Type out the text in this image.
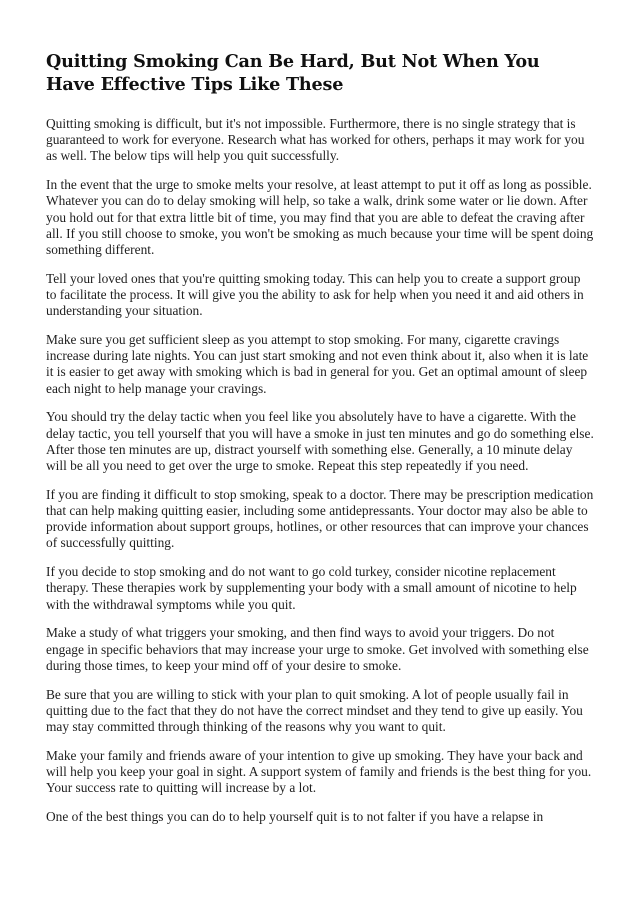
Quitting Smoking Can Be Hard, But Not When You Have Effective Tips Like These

Quitting smoking is difficult, but it's not impossible. Furthermore, there is no single strategy that is guaranteed to work for everyone. Research what has worked for others, perhaps it may work for you as well. The below tips will help you quit successfully.

In the event that the urge to smoke melts your resolve, at least attempt to put it off as long as possible. Whatever you can do to delay smoking will help, so take a walk, drink some water or lie down. After you hold out for that extra little bit of time, you may find that you are able to defeat the craving after all. If you still choose to smoke, you won't be smoking as much because your time will be spent doing something different.

Tell your loved ones that you're quitting smoking today. This can help you to create a support group to facilitate the process. It will give you the ability to ask for help when you need it and aid others in understanding your situation.

Make sure you get sufficient sleep as you attempt to stop smoking. For many, cigarette cravings increase during late nights. You can just start smoking and not even think about it, also when it is late it is easier to get away with smoking which is bad in general for you. Get an optimal amount of sleep each night to help manage your cravings.

You should try the delay tactic when you feel like you absolutely have to have a cigarette. With the delay tactic, you tell yourself that you will have a smoke in just ten minutes and go do something else. After those ten minutes are up, distract yourself with something else. Generally, a 10 minute delay will be all you need to get over the urge to smoke. Repeat this step repeatedly if you need.

If you are finding it difficult to stop smoking, speak to a doctor. There may be prescription medication that can help making quitting easier, including some antidepressants. Your doctor may also be able to provide information about support groups, hotlines, or other resources that can improve your chances of successfully quitting.

If you decide to stop smoking and do not want to go cold turkey, consider nicotine replacement therapy. These therapies work by supplementing your body with a small amount of nicotine to help with the withdrawal symptoms while you quit.

Make a study of what triggers your smoking, and then find ways to avoid your triggers. Do not engage in specific behaviors that may increase your urge to smoke. Get involved with something else during those times, to keep your mind off of your desire to smoke.

Be sure that you are willing to stick with your plan to quit smoking. A lot of people usually fail in quitting due to the fact that they do not have the correct mindset and they tend to give up easily. You may stay committed through thinking of the reasons why you want to quit.

Make your family and friends aware of your intention to give up smoking. They have your back and will help you keep your goal in sight. A support system of family and friends is the best thing for you. Your success rate to quitting will increase by a lot.

One of the best things you can do to help yourself quit is to not falter if you have a relapse in
